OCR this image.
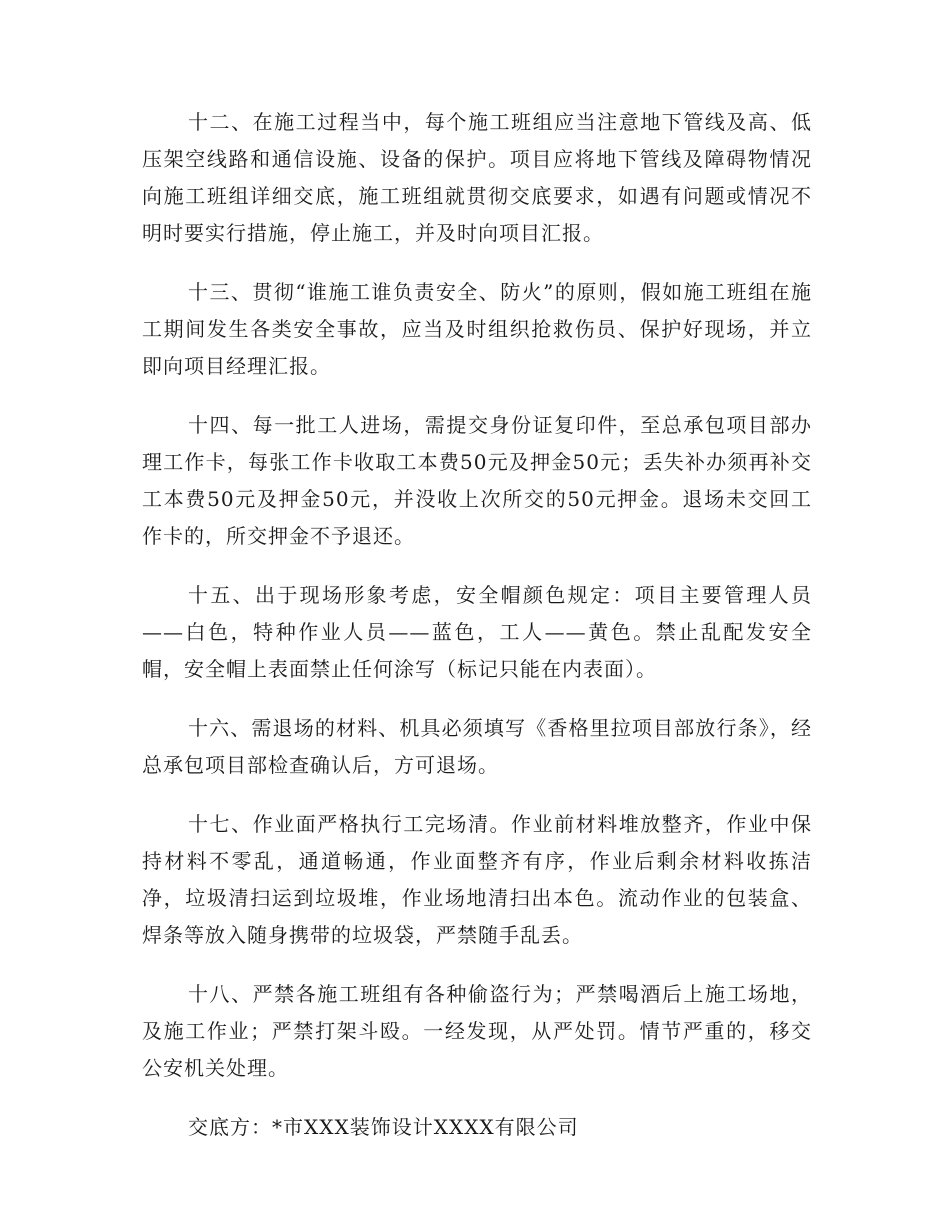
十二、在施工过程当中，每个施工班组应当注意地下管线及高、低压架空线路和通信设施、设备的保护。项目应将地下管线及障碍物情况向施工班组详细交底，施工班组就贯彻交底要求，如遇有问题或情况不明时要实行措施，停止施工，并及时向项目汇报。

十三、贯彻“谁施工谁负责安全、防火”的原则，假如施工班组在施工期间发生各类安全事故，应当及时组织抢救伤员、保护好现场，并立即向项目经理汇报。

十四、每一批工人进场，需提交身份证复印件，至总承包项目部办理工作卡，每张工作卡收取工本费50元及押金50元；丢失补办须再补交工本费50元及押金50元，并没收上次所交的50元押金。退场未交回工作卡的，所交押金不予退还。

十五、出于现场形象考虑，安全帽颜色规定：项目主要管理人员——白色，特种作业人员——蓝色，工人——黄色。禁止乱配发安全帽，安全帽上表面禁止任何涂写（标记只能在内表面）。

十六、需退场的材料、机具必须填写《香格里拉项目部放行条》，经总承包项目部检查确认后，方可退场。

十七、作业面严格执行工完场清。作业前材料堆放整齐，作业中保持材料不零乱，通道畅通，作业面整齐有序，作业后剩余材料收拣洁净，垃圾清扫运到垃圾堆，作业场地清扫出本色。流动作业的包装盒、焊条等放入随身携带的垃圾袋，严禁随手乱丢。

十八、严禁各施工班组有各种偷盗行为；严禁喝酒后上施工场地，及施工作业；严禁打架斗殴。一经发现，从严处罚。情节严重的，移交公安机关处理。

交底方：*市XXX装饰设计XXXX有限公司
